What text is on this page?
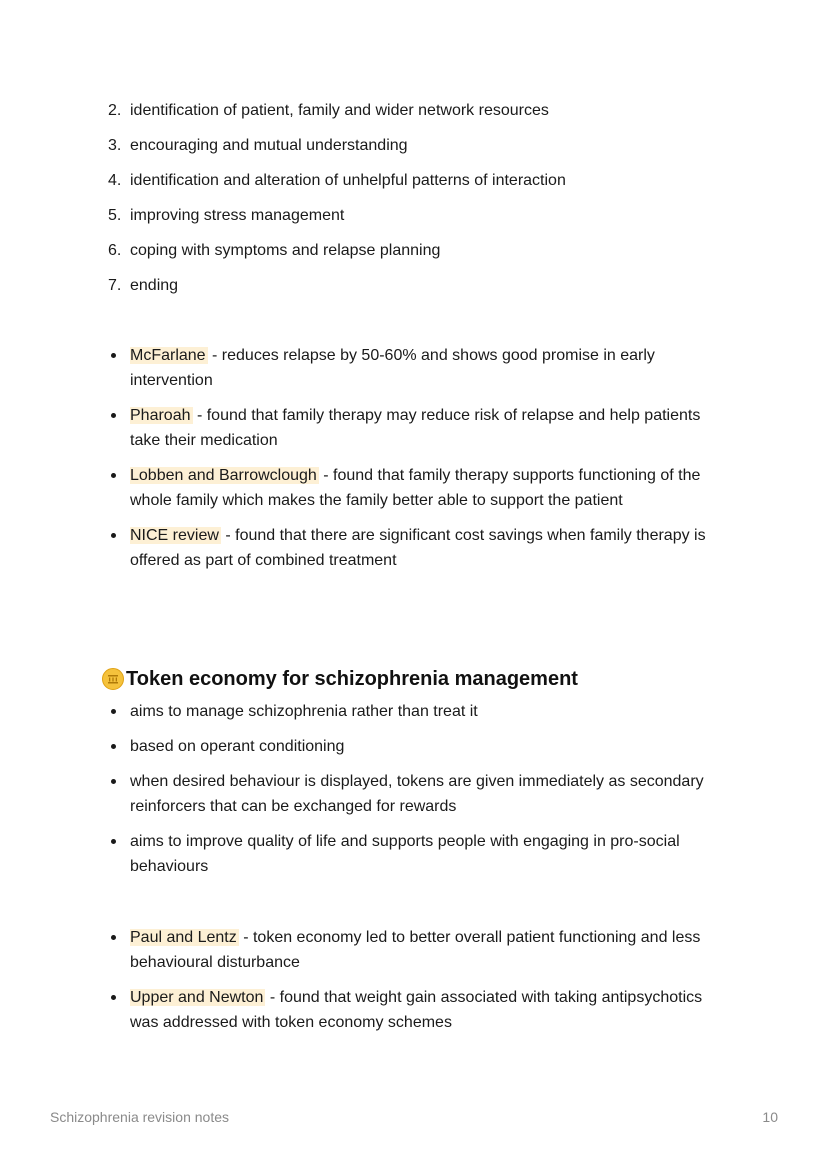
2. identification of patient, family and wider network resources
3. encouraging and mutual understanding
4. identification and alteration of unhelpful patterns of interaction
5. improving stress management
6. coping with symptoms and relapse planning
7. ending
McFarlane - reduces relapse by 50-60% and shows good promise in early intervention
Pharoah - found that family therapy may reduce risk of relapse and help patients take their medication
Lobben and Barrowclough - found that family therapy supports functioning of the whole family which makes the family better able to support the patient
NICE review - found that there are significant cost savings when family therapy is offered as part of combined treatment
Token economy for schizophrenia management
aims to manage schizophrenia rather than treat it
based on operant conditioning
when desired behaviour is displayed, tokens are given immediately as secondary reinforcers that can be exchanged for rewards
aims to improve quality of life and supports people with engaging in pro-social behaviours
Paul and Lentz - token economy led to better overall patient functioning and less behavioural disturbance
Upper and Newton - found that weight gain associated with taking antipsychotics was addressed with token economy schemes
Schizophrenia revision notes	10
